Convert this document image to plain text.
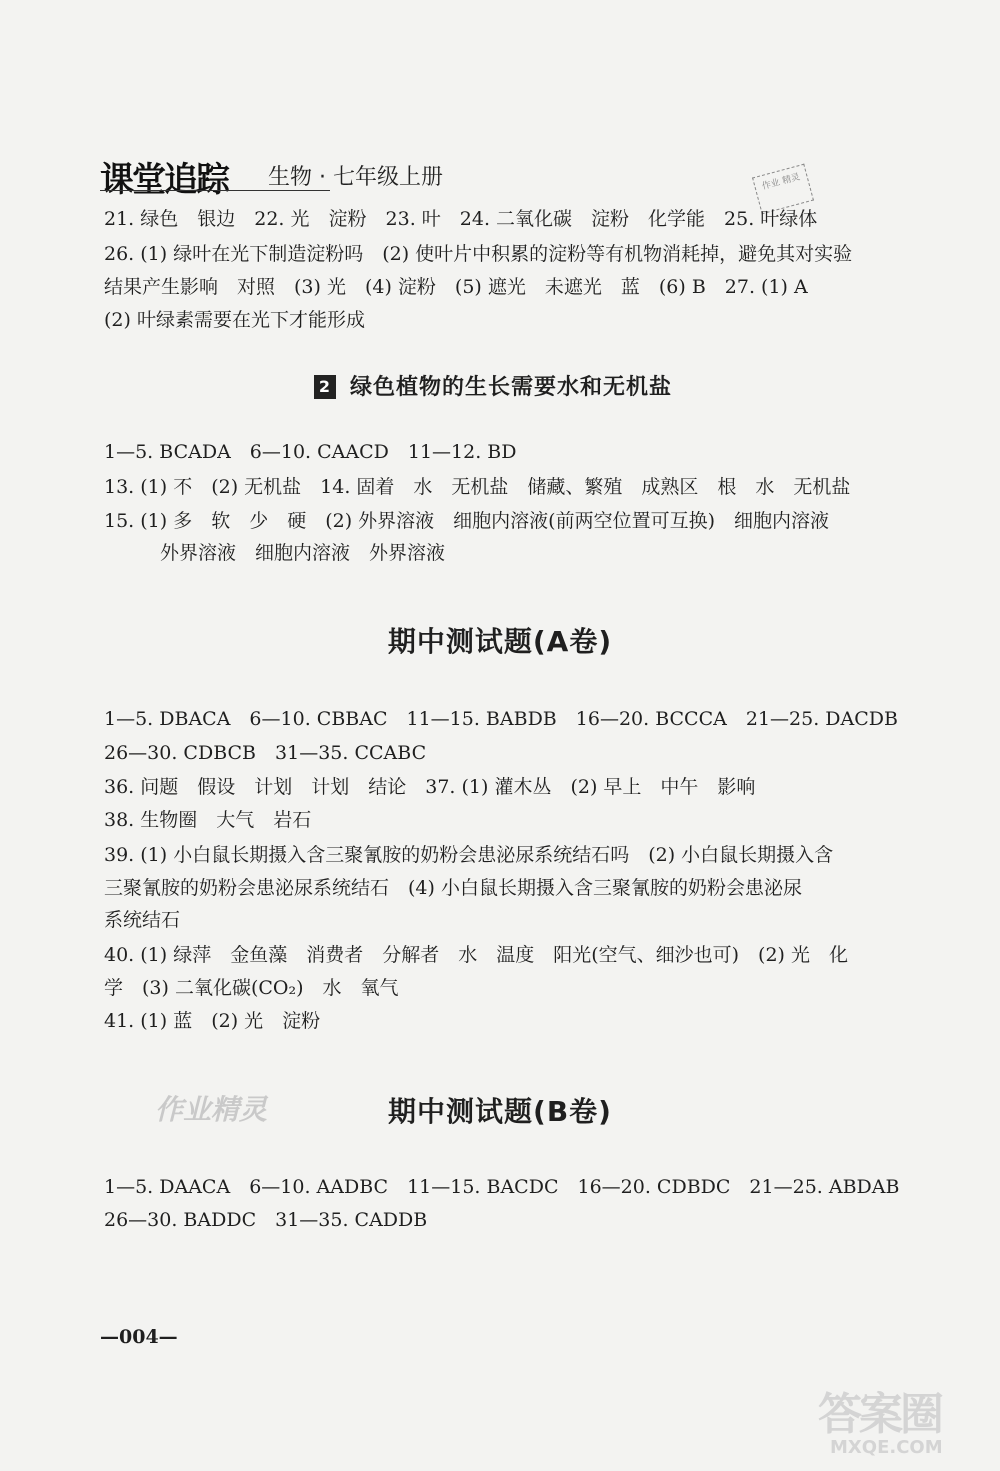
课堂追踪 生物 · 七年级上册	作业 精灵
21. 绿色　银边　22. 光　淀粉　23. 叶　24. 二氧化碳　淀粉　化学能　25. 叶绿体
26. (1) 绿叶在光下制造淀粉吗　(2) 使叶片中积累的淀粉等有机物消耗掉，避免其对实验
结果产生影响　对照　(3) 光　(4) 淀粉　(5) 遮光　未遮光　蓝　(6) B　27. (1) A
(2) 叶绿素需要在光下才能形成
2 绿色植物的生长需要水和无机盐
1—5. BCADA　6—10. CAACD　11—12. BD
13. (1) 不　(2) 无机盐　14. 固着　水　无机盐　储藏、繁殖　成熟区　根　水　无机盐
15. (1) 多　软　少　硬　(2) 外界溶液　细胞内溶液(前两空位置可互换)　细胞内溶液
外界溶液　细胞内溶液　外界溶液
期中测试题(A卷)
1—5. DBACA　6—10. CBBAC　11—15. BABDB　16—20. BCCCA　21—25. DACDB
26—30. CDBCB　31—35. CCABC
36. 问题　假设　计划　计划　结论　37. (1) 灌木丛　(2) 早上　中午　影响
38. 生物圈　大气　岩石
39. (1) 小白鼠长期摄入含三聚氰胺的奶粉会患泌尿系统结石吗　(2) 小白鼠长期摄入含
三聚氰胺的奶粉会患泌尿系统结石　(4) 小白鼠长期摄入含三聚氰胺的奶粉会患泌尿
系统结石
40. (1) 绿萍　金鱼藻　消费者　分解者　水　温度　阳光(空气、细沙也可)　(2) 光　化
学　(3) 二氧化碳(CO₂)　水　氧气
41. (1) 蓝　(2) 光　淀粉
作业精灵	期中测试题(B卷)
1—5. DAACA　6—10. AADBC　11—15. BACDC　16—20. CDBDC　21—25. ABDAB
26—30. BADDC　31—35. CADDB
—004—
答案圈
MXQE.COM
